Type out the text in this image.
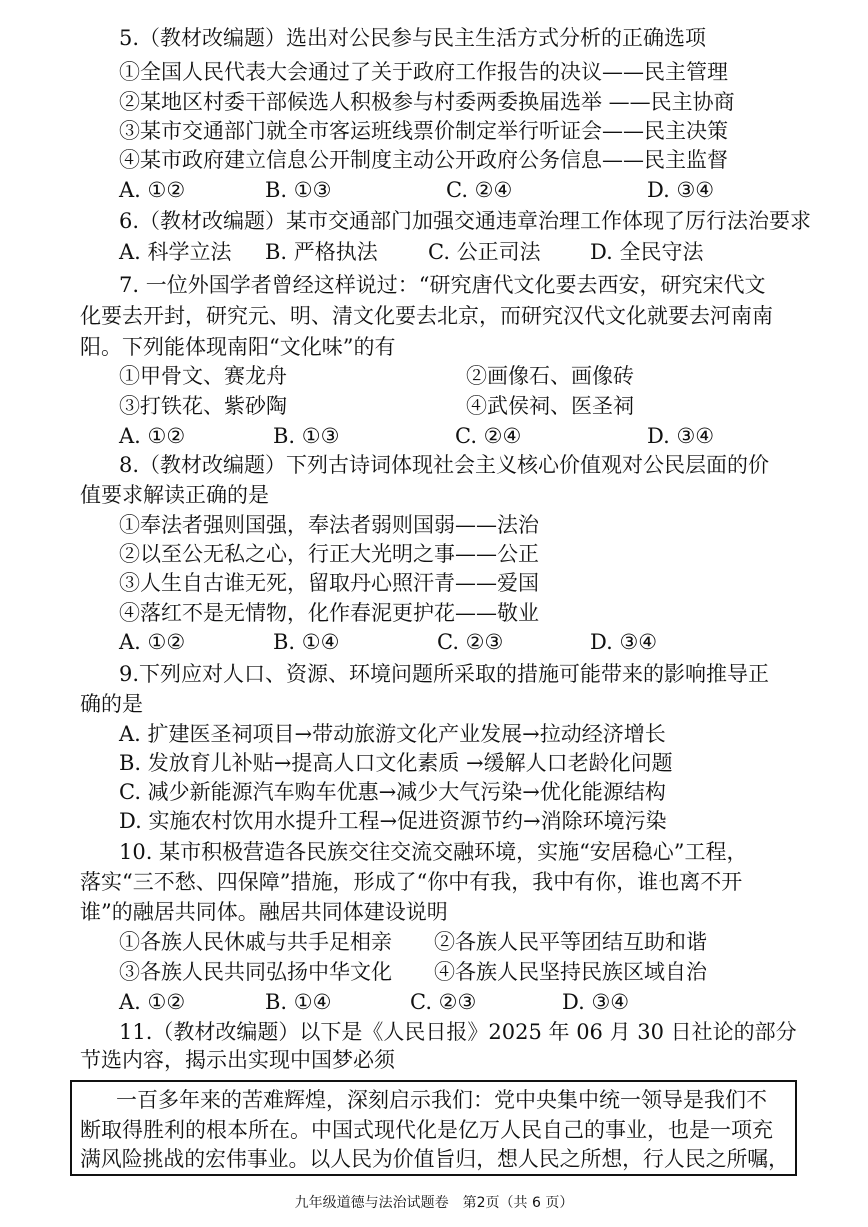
5.（教材改编题）选出对公民参与民主生活方式分析的正确选项
①全国人民代表大会通过了关于政府工作报告的决议——民主管理
②某地区村委干部候选人积极参与村委两委换届选举 ——民主协商
③某市交通部门就全市客运班线票价制定举行听证会——民主决策
④某市政府建立信息公开制度主动公开政府公务信息——民主监督
A. ①②	B. ①③	C. ②④	D. ③④
6.（教材改编题）某市交通部门加强交通违章治理工作体现了厉行法治要求
A. 科学立法 B. 严格执法 C. 公正司法 D. 全民守法
7. 一位外国学者曾经这样说过：“研究唐代文化要去西安，研究宋代文
化要去开封，研究元、明、清文化要去北京，而研究汉代文化就要去河南南
阳。下列能体现南阳“文化味”的有
①甲骨文、赛龙舟	②画像石、画像砖
③打铁花、紫砂陶	④武侯祠、医圣祠
A. ①②	B. ①③	C. ②④	D. ③④
8.（教材改编题）下列古诗词体现社会主义核心价值观对公民层面的价
值要求解读正确的是
①奉法者强则国强，奉法者弱则国弱——法治
②以至公无私之心，行正大光明之事——公正
③人生自古谁无死，留取丹心照汗青——爱国
④落红不是无情物，化作春泥更护花——敬业
A. ①②	B. ①④	C. ②③	D. ③④
9.下列应对人口、资源、环境问题所采取的措施可能带来的影响推导正
确的是
A. 扩建医圣祠项目→带动旅游文化产业发展→拉动经济增长
B. 发放育儿补贴→提高人口文化素质 →缓解人口老龄化问题
C. 减少新能源汽车购车优惠→减少大气污染→优化能源结构
D. 实施农村饮用水提升工程→促进资源节约→消除环境污染
10. 某市积极营造各民族交往交流交融环境，实施“安居稳心”工程，
落实“三不愁、四保障”措施，形成了“你中有我，我中有你，谁也离不开
谁”的融居共同体。融居共同体建设说明
①各族人民休戚与共手足相亲 ②各族人民平等团结互助和谐
③各族人民共同弘扬中华文化 ④各族人民坚持民族区域自治
A. ①②	B. ①④	C. ②③	D. ③④
11.（教材改编题）以下是《人民日报》2025 年 06 月 30 日社论的部分
节选内容，揭示出实现中国梦必须
一百多年来的苦难辉煌，深刻启示我们：党中央集中统一领导是我们不
断取得胜利的根本所在。中国式现代化是亿万人民自己的事业，也是一项充
满风险挑战的宏伟事业。以人民为价值旨归，想人民之所想，行人民之所嘱，
九年级道德与法治试题卷　第2页（共 6 页）
